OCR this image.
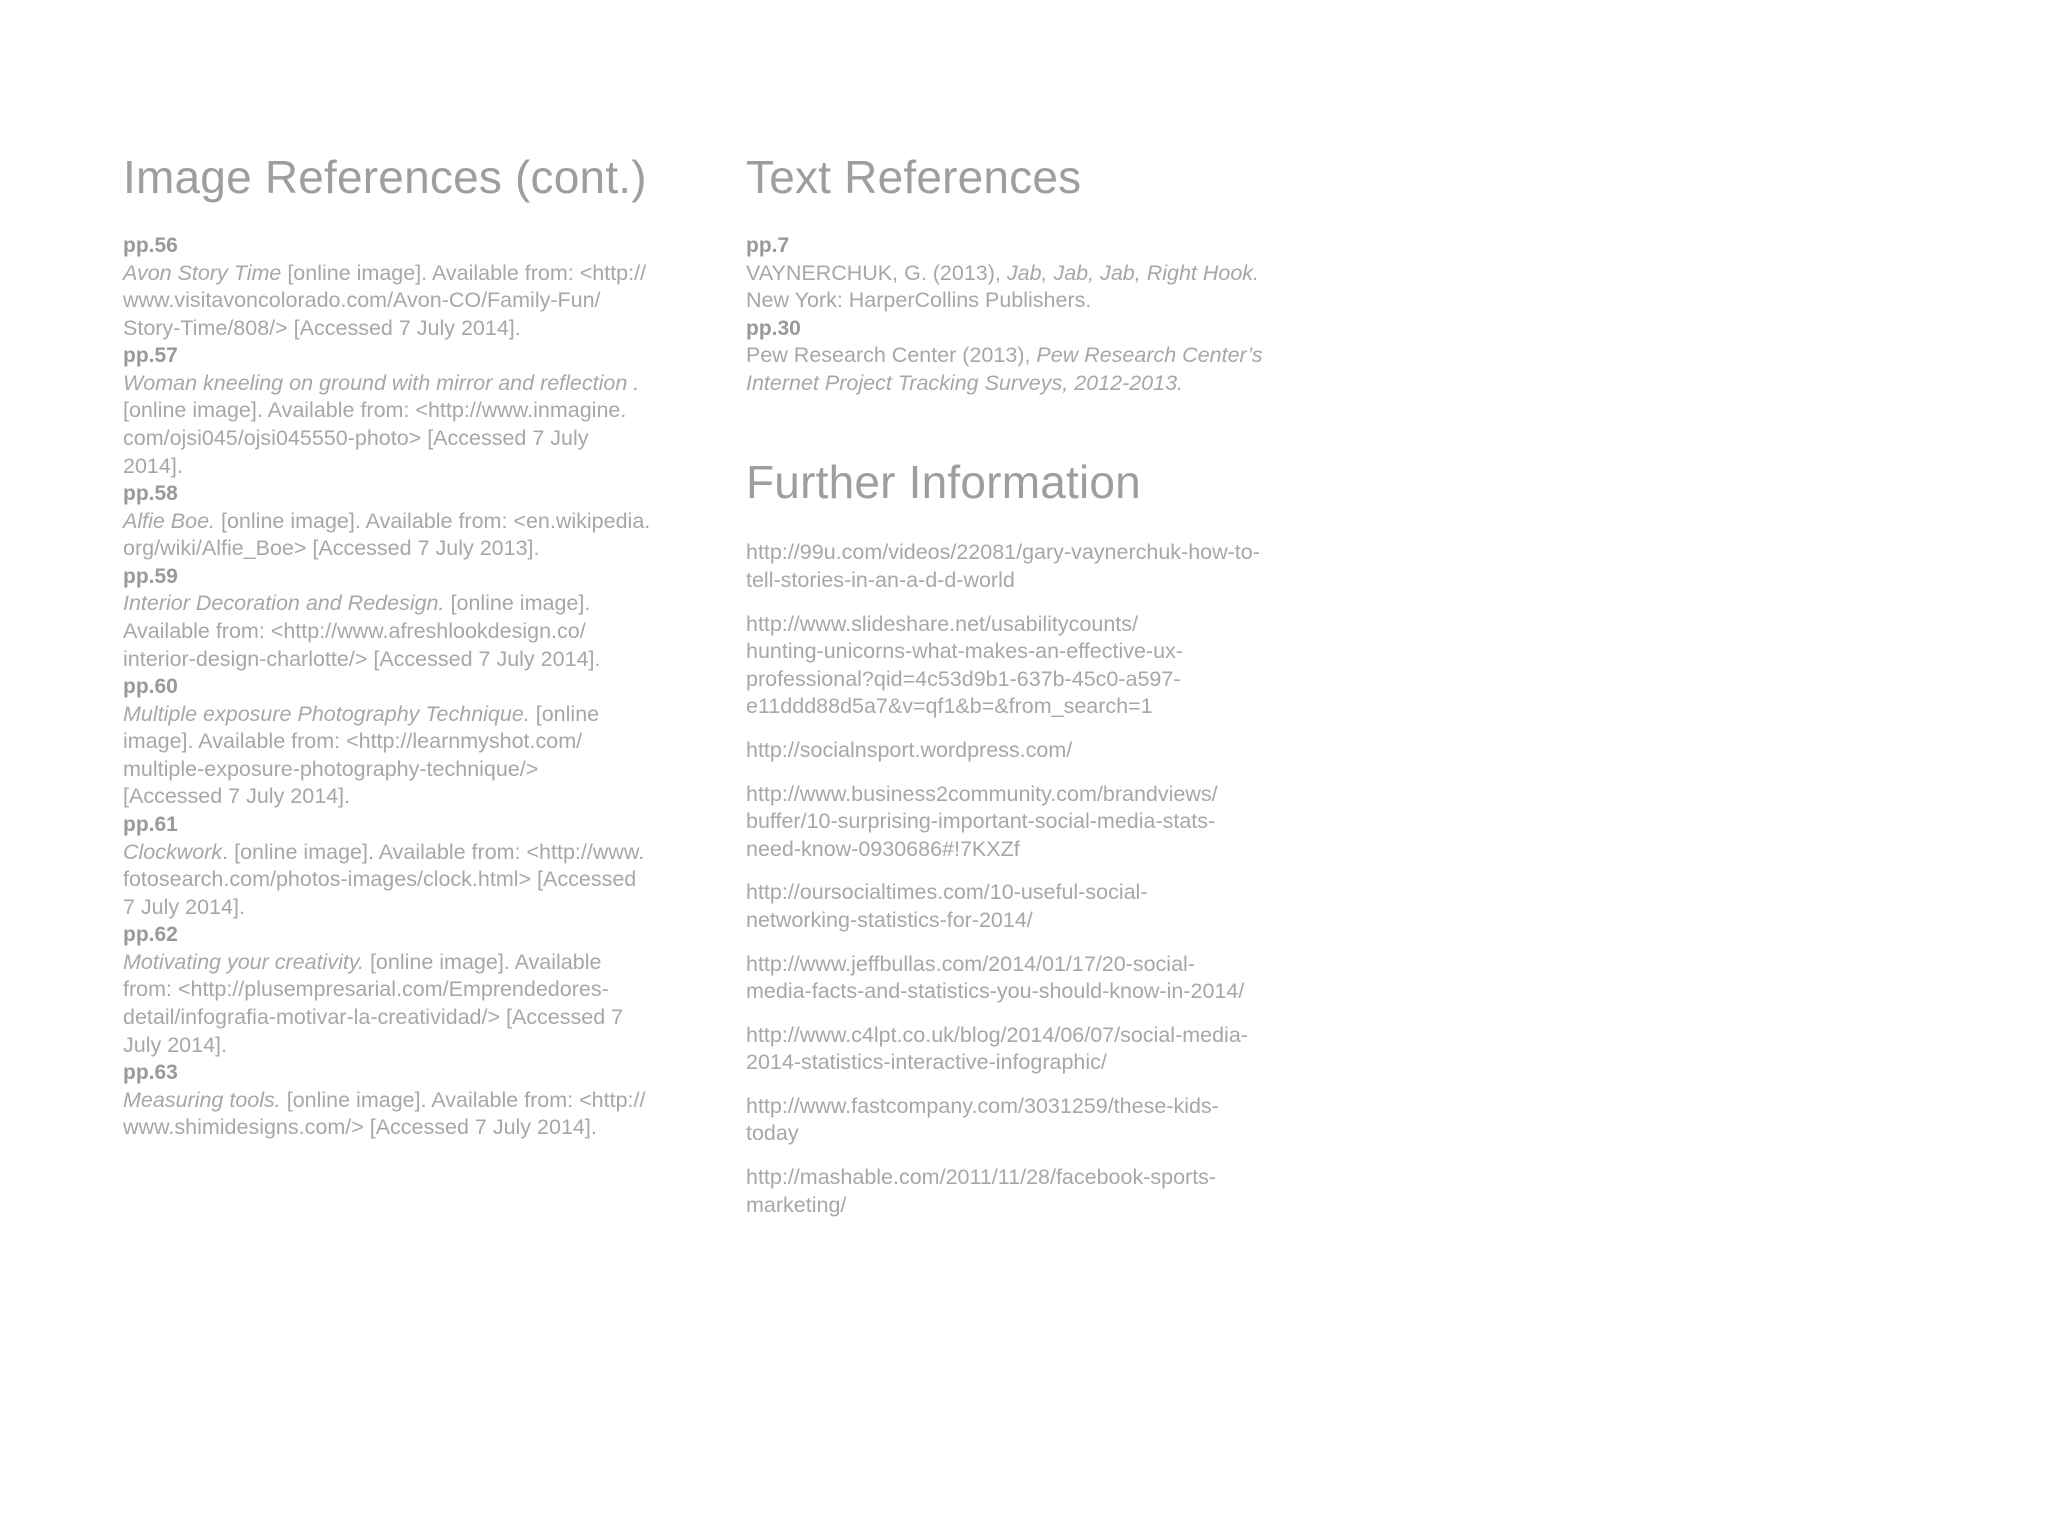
Image References (cont.)
pp.56
Avon Story Time [online image]. Available from: <http://
www.visitavoncolorado.com/Avon-CO/Family-Fun/
Story-Time/808/> [Accessed 7 July 2014].
pp.57
Woman kneeling on ground with mirror and reflection .
[online image]. Available from: <http://www.inmagine.
com/ojsi045/ojsi045550-photo> [Accessed 7 July
2014].
pp.58
Alfie Boe. [online image]. Available from: <en.wikipedia.
org/wiki/Alfie_Boe> [Accessed 7 July 2013].
pp.59
Interior Decoration and Redesign. [online image].
Available from: <http://www.afreshlookdesign.co/
interior-design-charlotte/> [Accessed 7 July 2014].
pp.60
Multiple exposure Photography Technique. [online
image]. Available from: <http://learnmyshot.com/
multiple-exposure-photography-technique/>
[Accessed 7 July 2014].
pp.61
Clockwork. [online image]. Available from: <http://www.
fotosearch.com/photos-images/clock.html> [Accessed
7 July 2014].
pp.62
Motivating your creativity. [online image]. Available
from: <http://plusempresarial.com/Emprendedores-
detail/infografia-motivar-la-creatividad/> [Accessed 7
July 2014].
pp.63
Measuring tools. [online image]. Available from: <http://
www.shimidesigns.com/> [Accessed 7 July 2014].
Text References
pp.7
VAYNERCHUK, G. (2013), Jab, Jab, Jab, Right Hook.
New York: HarperCollins Publishers.
pp.30
Pew Research Center (2013), Pew Research Center’s
Internet Project Tracking Surveys, 2012-2013.
Further Information
http://99u.com/videos/22081/gary-vaynerchuk-how-to-
tell-stories-in-an-a-d-d-world
http://www.slideshare.net/usabilitycounts/
hunting-unicorns-what-makes-an-effective-ux-
professional?qid=4c53d9b1-637b-45c0-a597-
e11ddd88d5a7&v=qf1&b=&from_search=1
http://socialnsport.wordpress.com/
http://www.business2community.com/brandviews/
buffer/10-surprising-important-social-media-stats-
need-know-0930686#!7KXZf
http://oursocialtimes.com/10-useful-social-
networking-statistics-for-2014/
http://www.jeffbullas.com/2014/01/17/20-social-
media-facts-and-statistics-you-should-know-in-2014/
http://www.c4lpt.co.uk/blog/2014/06/07/social-media-
2014-statistics-interactive-infographic/
http://www.fastcompany.com/3031259/these-kids-
today
http://mashable.com/2011/11/28/facebook-sports-
marketing/
